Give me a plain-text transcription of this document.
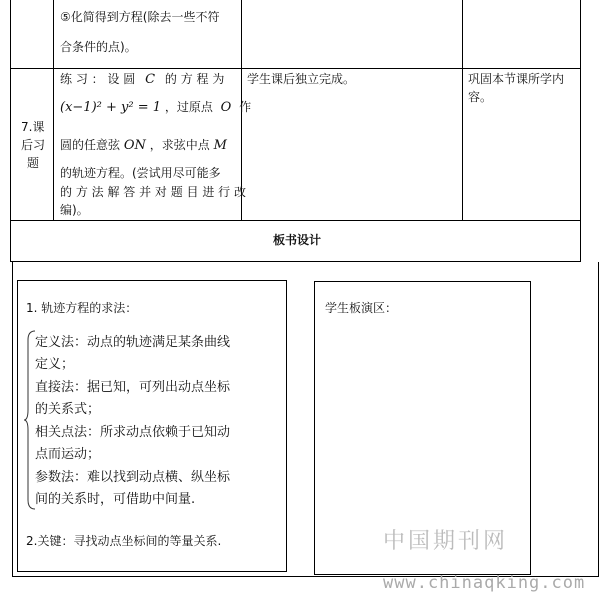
⑤化简得到方程(除去一些不符
合条件的点)。
7.课
后习
题
练 习 ： 设 圆 C 的 方 程 为
(x−1)² + y² = 1 ，过原点 O 作
圆的任意弦 ON ，求弦中点 M
的轨迹方程。(尝试用尽可能多
的 方 法 解 答 并 对 题 目 进 行 改
编)。
学生课后独立完成。	巩固本节课所学内
容。
板书设计
1. 轨迹方程的求法：
定义法：动点的轨迹满足某条曲线
定义；
直接法：据已知，可列出动点坐标
的关系式；
相关点法：所求动点依赖于已知动
点而运动；
参数法：难以找到动点横、纵坐标
间的关系时，可借助中间量.
2.关键：寻找动点坐标间的等量关系.
学生板演区：
中国期刊网
www.chinaqking.com
